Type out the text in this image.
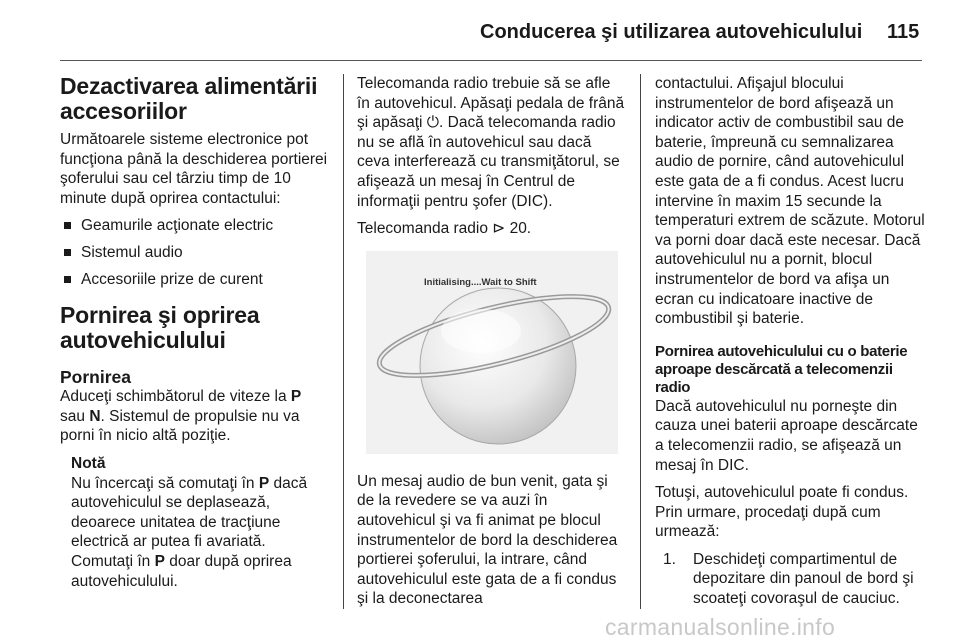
Conducerea şi utilizarea autovehiculului 115
Dezactivarea alimentării
accesoriilor

Următoarele sisteme electronice pot funcţiona până la deschiderea portierei şoferului sau cel târziu timp de 10 minute după oprirea contactului:

Geamurile acţionate electric
Sistemul audio
Accesoriile prize de curent
Pornirea şi oprirea
autovehiculului
Pornirea

Aduceţi schimbătorul de viteze la P sau N. Sistemul de propulsie nu va porni în nicio altă poziţie.

Notă
Nu încercaţi să comutaţi în P dacă autovehiculul se deplasează, deoarece unitatea de tracţiune electrică ar putea fi avariată. Comutaţi în P doar după oprirea autovehiculului.

Telecomanda radio trebuie să se afle în autovehicul. Apăsaţi pedala de frână şi apăsaţi ⏻. Dacă telecomanda radio nu se află în autovehicul sau dacă ceva interferează cu transmiţătorul, se afişează un mesaj în Centrul de informaţii pentru şofer (DIC).

Telecomanda radio ⊳ 20.

Initialising....Wait to Shift

Un mesaj audio de bun venit, gata şi de la revedere se va auzi în autovehicul şi va fi animat pe blocul instrumentelor de bord la deschiderea portierei şoferului, la intrare, când autovehiculul este gata de a fi condus şi la deconectarea

contactului. Afişajul blocului instrumentelor de bord afişează un indicator activ de combustibil sau de baterie, împreună cu semnalizarea audio de pornire, când autovehiculul este gata de a fi condus. Acest lucru intervine în maxim 15 secunde la temperaturi extrem de scăzute. Motorul va porni doar dacă este necesar. Dacă autovehiculul nu a pornit, blocul instrumentelor de bord va afişa un ecran cu indicatoare inactive de combustibil şi baterie.

Pornirea autovehiculului cu o baterie aproape descărcată a telecomenzii radio

Dacă autovehiculul nu porneşte din cauza unei baterii aproape descărcate a telecomenzii radio, se afişează un mesaj în DIC.

Totuşi, autovehiculul poate fi condus. Prin urmare, procedaţi după cum urmează:

1. Deschideţi compartimentul de depozitare din panoul de bord şi scoateţi covoraşul de cauciuc.
carmanualsonline.info
